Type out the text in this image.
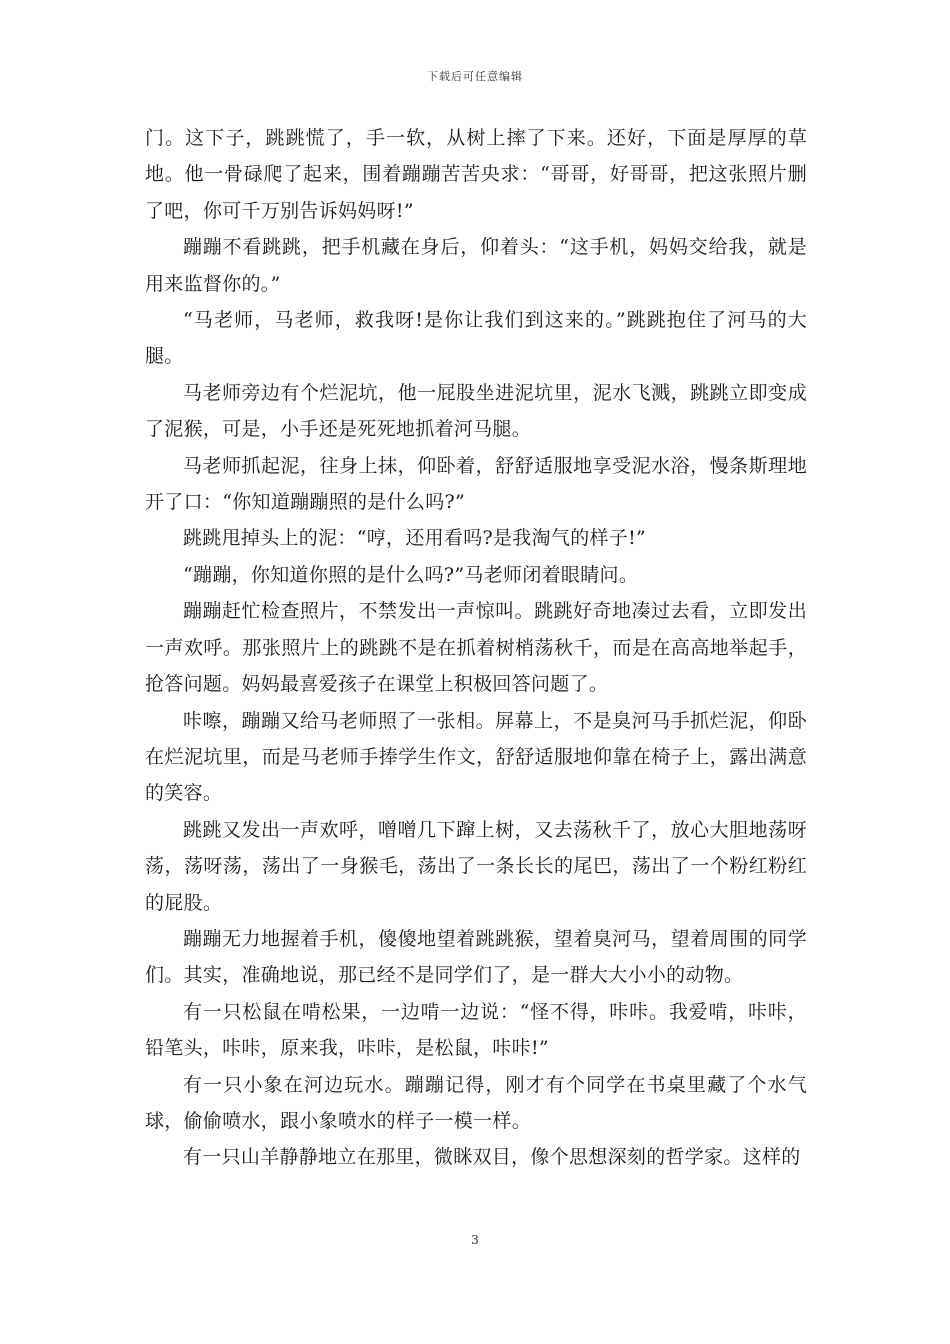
下载后可任意编辑

门。这下子，跳跳慌了，手一软，从树上摔了下来。还好，下面是厚厚的草地。他一骨碌爬了起来，围着蹦蹦苦苦央求：“哥哥，好哥哥，把这张照片删了吧，你可千万别告诉妈妈呀!”

蹦蹦不看跳跳，把手机藏在身后，仰着头：“这手机，妈妈交给我，就是用来监督你的。”

“马老师，马老师，救我呀!是你让我们到这来的。”跳跳抱住了河马的大腿。

马老师旁边有个烂泥坑，他一屁股坐进泥坑里，泥水飞溅，跳跳立即变成了泥猴，可是，小手还是死死地抓着河马腿。

马老师抓起泥，往身上抹，仰卧着，舒舒适服地享受泥水浴，慢条斯理地开了口：“你知道蹦蹦照的是什么吗?”

跳跳甩掉头上的泥：“哼，还用看吗?是我淘气的样子!”

“蹦蹦，你知道你照的是什么吗?”马老师闭着眼睛问。

蹦蹦赶忙检查照片，不禁发出一声惊叫。跳跳好奇地凑过去看，立即发出一声欢呼。那张照片上的跳跳不是在抓着树梢荡秋千，而是在高高地举起手，抢答问题。妈妈最喜爱孩子在课堂上积极回答问题了。

咔嚓，蹦蹦又给马老师照了一张相。屏幕上，不是臭河马手抓烂泥，仰卧在烂泥坑里，而是马老师手捧学生作文，舒舒适服地仰靠在椅子上，露出满意的笑容。

跳跳又发出一声欢呼，噌噌几下蹿上树，又去荡秋千了，放心大胆地荡呀荡，荡呀荡，荡出了一身猴毛，荡出了一条长长的尾巴，荡出了一个粉红粉红的屁股。

蹦蹦无力地握着手机，傻傻地望着跳跳猴，望着臭河马，望着周围的同学们。其实，准确地说，那已经不是同学们了，是一群大大小小的动物。

有一只松鼠在啃松果，一边啃一边说：“怪不得，咔咔。我爱啃，咔咔，铅笔头，咔咔，原来我，咔咔，是松鼠，咔咔!”

有一只小象在河边玩水。蹦蹦记得，刚才有个同学在书桌里藏了个水气球，偷偷喷水，跟小象喷水的样子一模一样。

有一只山羊静静地立在那里，微眯双目，像个思想深刻的哲学家。这样的

3
